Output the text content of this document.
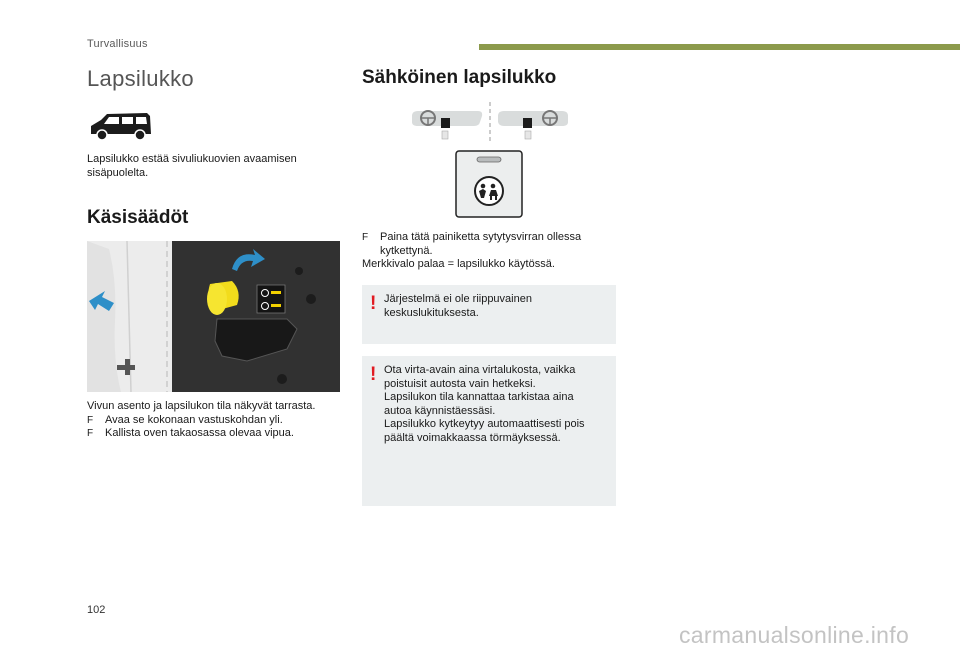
Turvallisuus
Lapsilukko
Lapsilukko estää sivuliukuovien avaamisen
sisäpuolelta.
Käsisäädöt
Vivun asento ja lapsilukon tila näkyvät tarrasta.
F	Avaa se kokonaan vastuskohdan yli.
F	Kallista oven takaosassa olevaa vipua.
Sähköinen lapsilukko
F	Paina tätä painiketta sytytysvirran ollessa
kytkettynä.
Merkkivalo palaa = lapsilukko käytössä.
! Järjestelmä ei ole riippuvainen
keskuslukituksesta.
! Ota virta-avain aina virtalukosta, vaikka
poistuisit autosta vain hetkeksi.
Lapsilukon tila kannattaa tarkistaa aina
autoa käynnistäessäsi.
Lapsilukko kytkeytyy automaattisesti pois
päältä voimakkaassa törmäyksessä.
102
carmanualsonline.info
